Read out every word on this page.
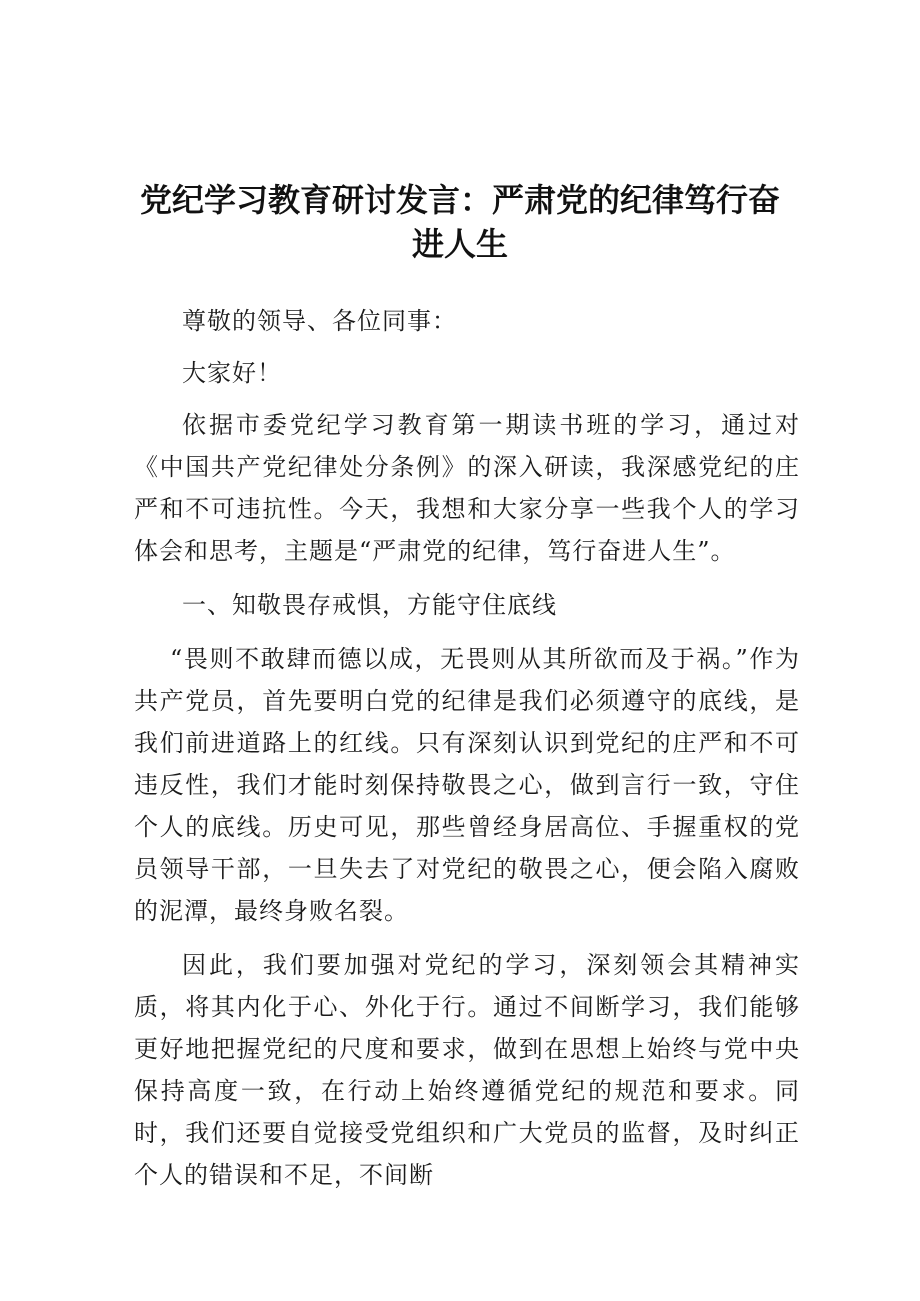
党纪学习教育研讨发言：严肃党的纪律笃行奋
进人生

尊敬的领导、各位同事：

大家好！

依据市委党纪学习教育第一期读书班的学习，通过对《中国共产党纪律处分条例》的深入研读，我深感党纪的庄严和不可违抗性。今天，我想和大家分享一些我个人的学习体会和思考，主题是“严肃党的纪律，笃行奋进人生”。

一、知敬畏存戒惧，方能守住底线

“畏则不敢肆而德以成，无畏则从其所欲而及于祸。”作为共产党员，首先要明白党的纪律是我们必须遵守的底线，是我们前进道路上的红线。只有深刻认识到党纪的庄严和不可违反性，我们才能时刻保持敬畏之心，做到言行一致，守住个人的底线。历史可见，那些曾经身居高位、手握重权的党员领导干部，一旦失去了对党纪的敬畏之心，便会陷入腐败的泥潭，最终身败名裂。

因此，我们要加强对党纪的学习，深刻领会其精神实质，将其内化于心、外化于行。通过不间断学习，我们能够更好地把握党纪的尺度和要求，做到在思想上始终与党中央保持高度一致，在行动上始终遵循党纪的规范和要求。同时，我们还要自觉接受党组织和广大党员的监督，及时纠正个人的错误和不足，不间断
